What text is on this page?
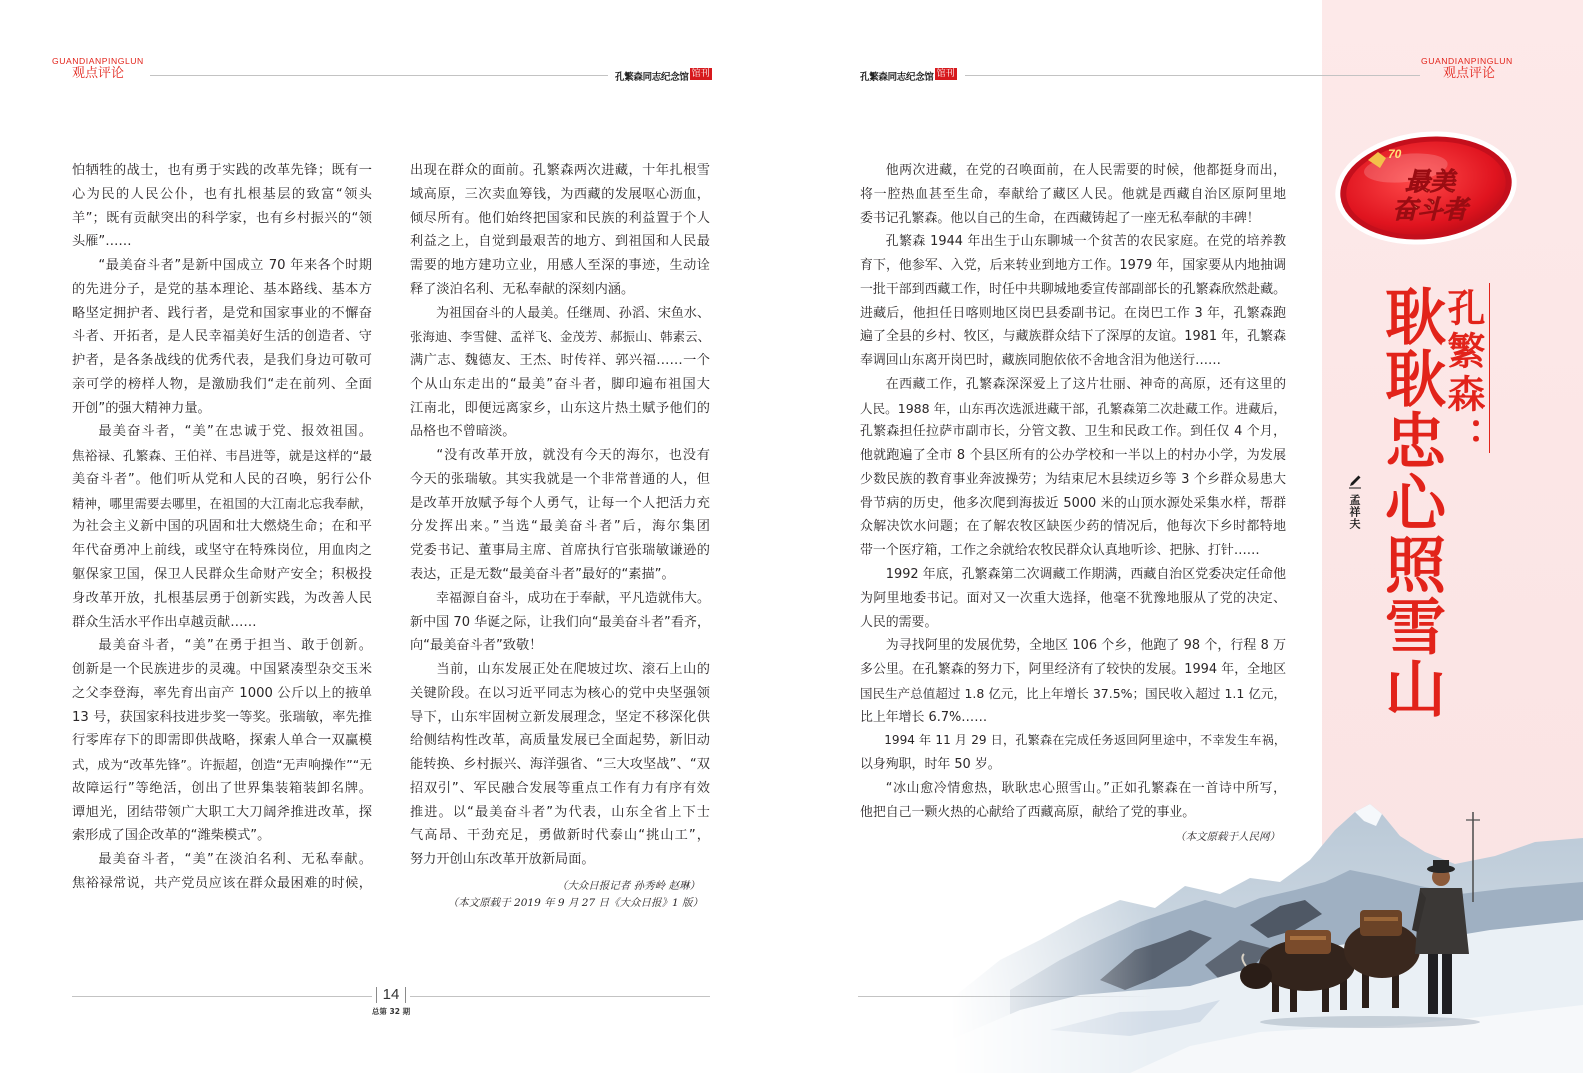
GUANDIANPINGLUN
观点评论	孔繁森同志纪念馆 馆刊	孔繁森同志纪念馆 馆刊
GUANDIANPINGLUN
观点评论
怕牺牲的战士，也有勇于实践的改革先锋；既有一
心为民的人民公仆，也有扎根基层的致富“领头
羊”；既有贡献突出的科学家，也有乡村振兴的“领
头雁”……
“最美奋斗者”是新中国成立 70 年来各个时期
的先进分子，是党的基本理论、基本路线、基本方
略坚定拥护者、践行者，是党和国家事业的不懈奋
斗者、开拓者，是人民幸福美好生活的创造者、守
护者，是各条战线的优秀代表，是我们身边可敬可
亲可学的榜样人物，是激励我们“走在前列、全面
开创”的强大精神力量。
最美奋斗者，“美”在忠诚于党、报效祖国。
焦裕禄、孔繁森、王伯祥、韦昌进等，就是这样的“最
美奋斗者”。他们听从党和人民的召唤，躬行公仆
精神，哪里需要去哪里，在祖国的大江南北忘我奉献，
为社会主义新中国的巩固和壮大燃烧生命；在和平
年代奋勇冲上前线，或坚守在特殊岗位，用血肉之
躯保家卫国，保卫人民群众生命财产安全；积极投
身改革开放，扎根基层勇于创新实践，为改善人民
群众生活水平作出卓越贡献……
最美奋斗者，“美”在勇于担当、敢于创新。
创新是一个民族进步的灵魂。中国紧凑型杂交玉米
之父李登海，率先育出亩产 1000 公斤以上的掖单
13 号，获国家科技进步奖一等奖。张瑞敏，率先推
行零库存下的即需即供战略，探索人单合一双赢模
式，成为“改革先锋”。许振超，创造“无声响操作”“无
故障运行”等绝活，创出了世界集装箱装卸名牌。
谭旭光，团结带领广大职工大刀阔斧推进改革，探
索形成了国企改革的“潍柴模式”。
最美奋斗者，“美”在淡泊名利、无私奉献。
焦裕禄常说，共产党员应该在群众最困难的时候，
出现在群众的面前。孔繁森两次进藏，十年扎根雪
域高原，三次卖血筹钱，为西藏的发展呕心沥血，
倾尽所有。他们始终把国家和民族的利益置于个人
利益之上，自觉到最艰苦的地方、到祖国和人民最
需要的地方建功立业，用感人至深的事迹，生动诠
释了淡泊名利、无私奉献的深刻内涵。
为祖国奋斗的人最美。任继周、孙滔、宋鱼水、
张海迪、李雪健、孟祥飞、金茂芳、郝振山、韩素云、
满广志、魏德友、王杰、时传祥、郭兴福……一个
个从山东走出的“最美”奋斗者，脚印遍布祖国大
江南北，即便远离家乡，山东这片热土赋予他们的
品格也不曾暗淡。
“没有改革开放，就没有今天的海尔，也没有
今天的张瑞敏。其实我就是一个非常普通的人，但
是改革开放赋予每个人勇气，让每一个人把活力充
分发挥出来。”当选“最美奋斗者”后，海尔集团
党委书记、董事局主席、首席执行官张瑞敏谦逊的
表达，正是无数“最美奋斗者”最好的“素描”。
幸福源自奋斗，成功在于奉献，平凡造就伟大。
新中国 70 华诞之际，让我们向“最美奋斗者”看齐，
向“最美奋斗者”致敬！
当前，山东发展正处在爬坡过坎、滚石上山的
关键阶段。在以习近平同志为核心的党中央坚强领
导下，山东牢固树立新发展理念，坚定不移深化供
给侧结构性改革，高质量发展已全面起势，新旧动
能转换、乡村振兴、海洋强省、“三大攻坚战”、“双
招双引”、军民融合发展等重点工作有力有序有效
推进。以“最美奋斗者”为代表，山东全省上下士
气高昂、干劲充足，勇做新时代泰山“挑山工”，
努力开创山东改革开放新局面。
（大众日报记者 孙秀岭 赵琳）
（本文原载于 2019 年 9 月 27 日《大众日报》1 版）
他两次进藏，在党的召唤面前，在人民需要的时候，他都挺身而出，
将一腔热血甚至生命，奉献给了藏区人民。他就是西藏自治区原阿里地
委书记孔繁森。他以自己的生命，在西藏铸起了一座无私奉献的丰碑！
孔繁森 1944 年出生于山东聊城一个贫苦的农民家庭。在党的培养教
育下，他参军、入党，后来转业到地方工作。1979 年，国家要从内地抽调
一批干部到西藏工作，时任中共聊城地委宣传部副部长的孔繁森欣然赴藏。
进藏后，他担任日喀则地区岗巴县委副书记。在岗巴工作 3 年，孔繁森跑
遍了全县的乡村、牧区，与藏族群众结下了深厚的友谊。1981 年，孔繁森
奉调回山东离开岗巴时，藏族同胞依依不舍地含泪为他送行……
在西藏工作，孔繁森深深爱上了这片壮丽、神奇的高原，还有这里的
人民。1988 年，山东再次选派进藏干部，孔繁森第二次赴藏工作。进藏后，
孔繁森担任拉萨市副市长，分管文教、卫生和民政工作。到任仅 4 个月，
他就跑遍了全市 8 个县区所有的公办学校和一半以上的村办小学，为发展
少数民族的教育事业奔波操劳；为结束尼木县续迈乡等 3 个乡群众易患大
骨节病的历史，他多次爬到海拔近 5000 米的山顶水源处采集水样，帮群
众解决饮水问题；在了解农牧区缺医少药的情况后，他每次下乡时都特地
带一个医疗箱，工作之余就给农牧民群众认真地听诊、把脉、打针……
1992 年底，孔繁森第二次调藏工作期满，西藏自治区党委决定任命他
为阿里地委书记。面对又一次重大选择，他毫不犹豫地服从了党的决定、
人民的需要。
为寻找阿里的发展优势，全地区 106 个乡，他跑了 98 个，行程 8 万
多公里。在孔繁森的努力下，阿里经济有了较快的发展。1994 年，全地区
国民生产总值超过 1.8 亿元，比上年增长 37.5%；国民收入超过 1.1 亿元，
比上年增长 6.7%……
1994 年 11 月 29 日，孔繁森在完成任务返回阿里途中，不幸发生车祸，
以身殉职，时年 50 岁。
“冰山愈冷情愈热，耿耿忠心照雪山。”正如孔繁森在一首诗中所写，
他把自己一颗火热的心献给了西藏高原，献给了党的事业。
（本文原载于人民网）
70
最美
奋斗者
孔繁森：
耿耿忠心照雪山
孟祥夫
14
总第 32 期
